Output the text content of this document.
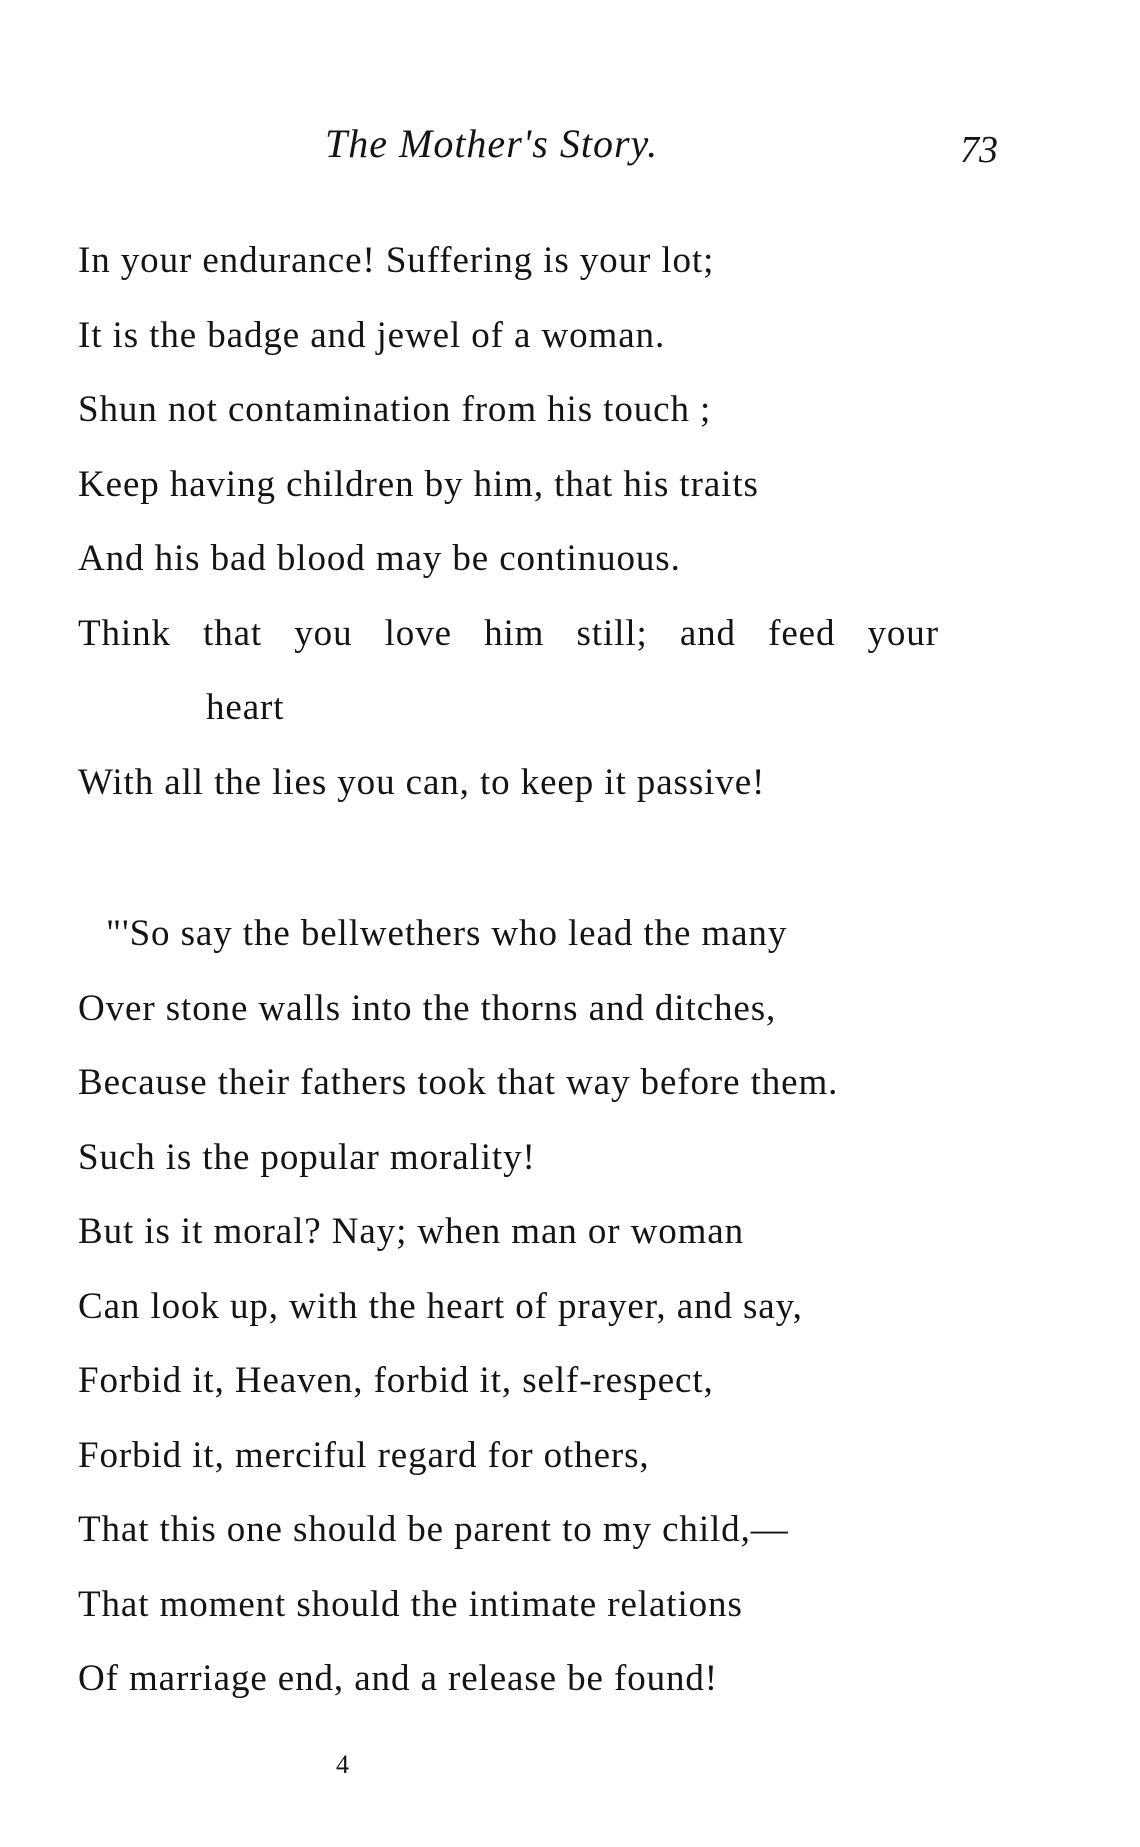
The Mother's Story.	73
In your endurance! Suffering is your lot;
It is the badge and jewel of a woman.
Shun not contamination from his touch ;
Keep having children by him, that his traits
And his bad blood may be continuous.
Think that you love him still; and feed your
heart
With all the lies you can, to keep it passive!
"'So say the bellwethers who lead the many
Over stone walls into the thorns and ditches,
Because their fathers took that way before them.
Such is the popular morality!
But is it moral? Nay; when man or woman
Can look up, with the heart of prayer, and say,
Forbid it, Heaven, forbid it, self-respect,
Forbid it, merciful regard for others,
That this one should be parent to my child,—
That moment should the intimate relations
Of marriage end, and a release be found!
4
